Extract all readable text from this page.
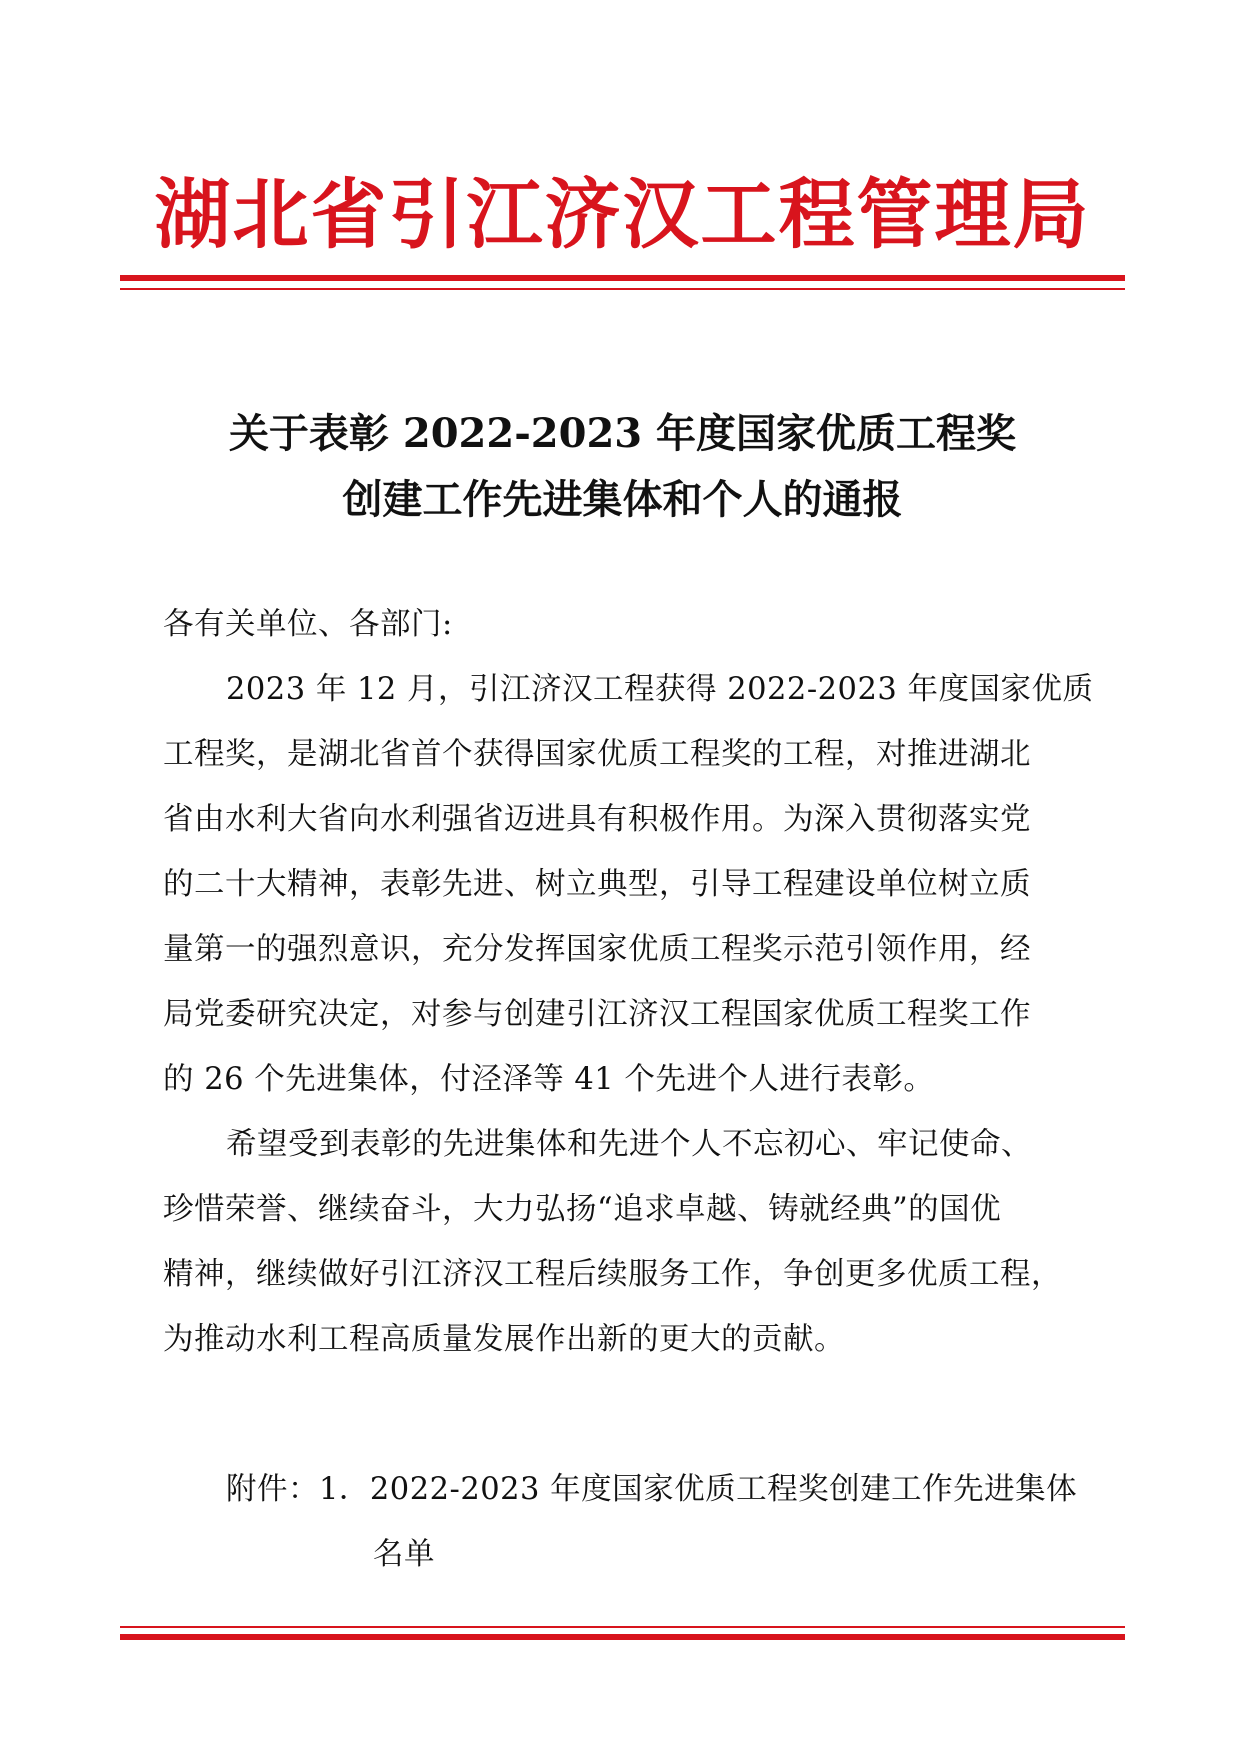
湖北省引江济汉工程管理局
关于表彰 2022-2023 年度国家优质工程奖
创建工作先进集体和个人的通报
各有关单位、各部门:
2023 年 12 月，引江济汉工程获得 2022-2023 年度国家优质
工程奖，是湖北省首个获得国家优质工程奖的工程，对推进湖北
省由水利大省向水利强省迈进具有积极作用。为深入贯彻落实党
的二十大精神，表彰先进、树立典型，引导工程建设单位树立质
量第一的强烈意识，充分发挥国家优质工程奖示范引领作用，经
局党委研究决定，对参与创建引江济汉工程国家优质工程奖工作
的 26 个先进集体，付泾泽等 41 个先进个人进行表彰。
希望受到表彰的先进集体和先进个人不忘初心、牢记使命、
珍惜荣誉、继续奋斗，大力弘扬“追求卓越、铸就经典”的国优
精神，继续做好引江济汉工程后续服务工作，争创更多优质工程，
为推动水利工程高质量发展作出新的更大的贡献。
附件：1．2022-2023 年度国家优质工程奖创建工作先进集体
名单
